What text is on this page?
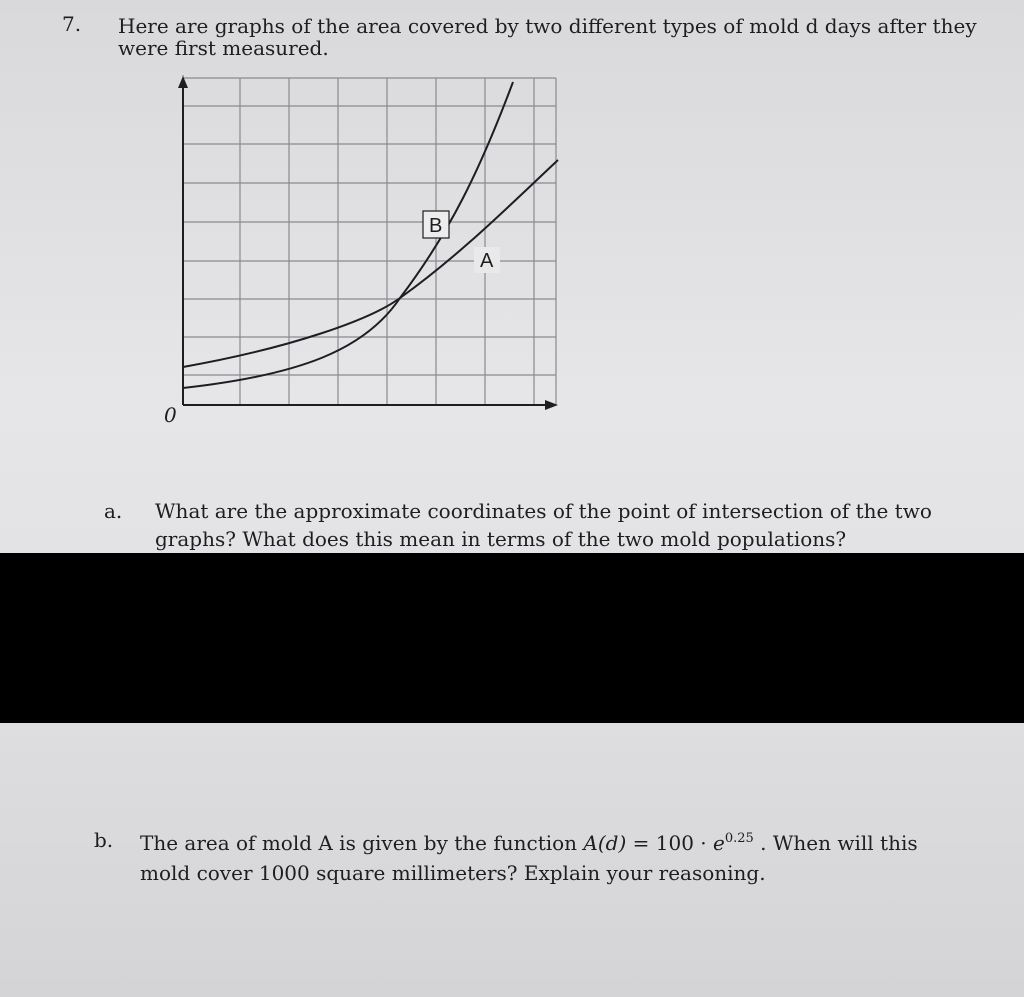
7. Here are graphs of the area covered by two different types of mold d days after they
were first measured.
B
A
0
a. What are the approximate coordinates of the point of intersection of the two
graphs? What does this mean in terms of the two mold populations?
b. The area of mold A is given by the function $A(d) = 100 \cdot e^{0.25}$ . When will this
mold cover 1000 square millimeters? Explain your reasoning.
